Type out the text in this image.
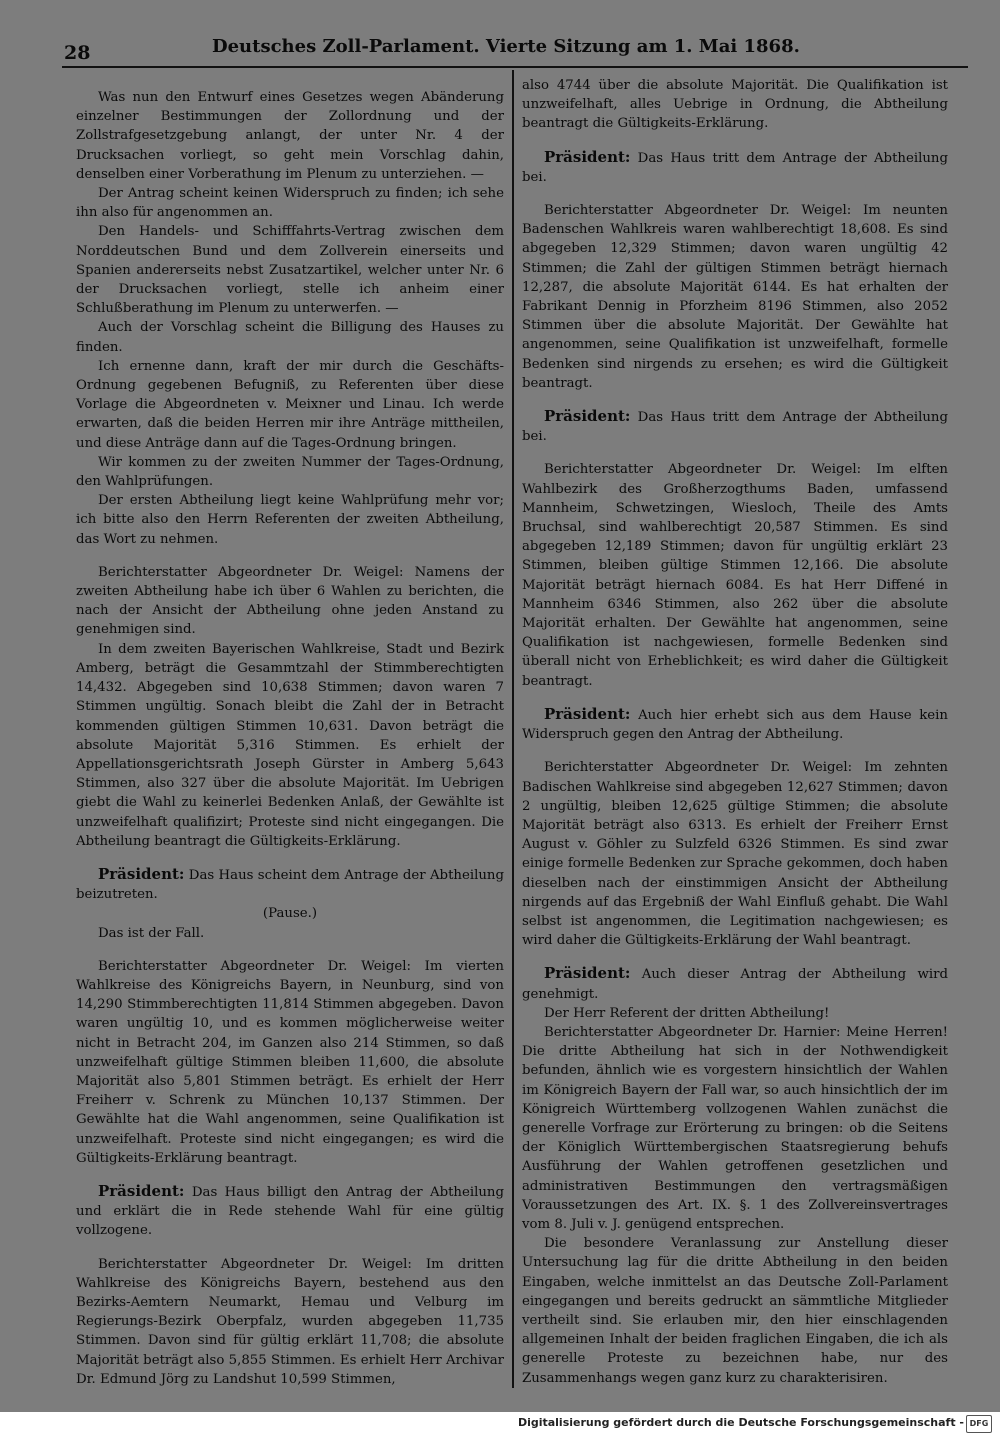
28	Deutsches Zoll-Parlament. Vierte Sitzung am 1. Mai 1868.

Was nun den Entwurf eines Gesetzes wegen Abänderung einzelner Bestimmungen der Zollordnung und der Zollstrafgesetzgebung anlangt, der unter Nr. 4 der Drucksachen vorliegt, so geht mein Vorschlag dahin, denselben einer Vorberathung im Plenum zu unterziehen. —

Der Antrag scheint keinen Widerspruch zu finden; ich sehe ihn also für angenommen an.

Den Handels- und Schifffahrts-Vertrag zwischen dem Norddeutschen Bund und dem Zollverein einerseits und Spanien andererseits nebst Zusatzartikel, welcher unter Nr. 6 der Drucksachen vorliegt, stelle ich anheim einer Schlußberathung im Plenum zu unterwerfen. —

Auch der Vorschlag scheint die Billigung des Hauses zu finden.

Ich ernenne dann, kraft der mir durch die Geschäfts-Ordnung gegebenen Befugniß, zu Referenten über diese Vorlage die Abgeordneten v. Meixner und Linau. Ich werde erwarten, daß die beiden Herren mir ihre Anträge mittheilen, und diese Anträge dann auf die Tages-Ordnung bringen.

Wir kommen zu der zweiten Nummer der Tages-Ordnung, den Wahlprüfungen.

Der ersten Abtheilung liegt keine Wahlprüfung mehr vor; ich bitte also den Herrn Referenten der zweiten Abtheilung, das Wort zu nehmen.

Berichterstatter Abgeordneter Dr. Weigel: Namens der zweiten Abtheilung habe ich über 6 Wahlen zu berichten, die nach der Ansicht der Abtheilung ohne jeden Anstand zu genehmigen sind.

In dem zweiten Bayerischen Wahlkreise, Stadt und Bezirk Amberg, beträgt die Gesammtzahl der Stimmberechtigten 14,432. Abgegeben sind 10,638 Stimmen; davon waren 7 Stimmen ungültig. Sonach bleibt die Zahl der in Betracht kommenden gültigen Stimmen 10,631. Davon beträgt die absolute Majorität 5,316 Stimmen. Es erhielt der Appellationsgerichtsrath Joseph Gürster in Amberg 5,643 Stimmen, also 327 über die absolute Majorität. Im Uebrigen giebt die Wahl zu keinerlei Bedenken Anlaß, der Gewählte ist unzweifelhaft qualifizirt; Proteste sind nicht eingegangen. Die Abtheilung beantragt die Gültigkeits-Erklärung.

Präsident: Das Haus scheint dem Antrage der Abtheilung beizutreten.

(Pause.)

Das ist der Fall.

Berichterstatter Abgeordneter Dr. Weigel: Im vierten Wahlkreise des Königreichs Bayern, in Neunburg, sind von 14,290 Stimmberechtigten 11,814 Stimmen abgegeben. Davon waren ungültig 10, und es kommen möglicherweise weiter nicht in Betracht 204, im Ganzen also 214 Stimmen, so daß unzweifelhaft gültige Stimmen bleiben 11,600, die absolute Majorität also 5,801 Stimmen beträgt. Es erhielt der Herr Freiherr v. Schrenk zu München 10,137 Stimmen. Der Gewählte hat die Wahl angenommen, seine Qualifikation ist unzweifelhaft. Proteste sind nicht eingegangen; es wird die Gültigkeits-Erklärung beantragt.

Präsident: Das Haus billigt den Antrag der Abtheilung und erklärt die in Rede stehende Wahl für eine gültig vollzogene.

Berichterstatter Abgeordneter Dr. Weigel: Im dritten Wahlkreise des Königreichs Bayern, bestehend aus den Bezirks-Aemtern Neumarkt, Hemau und Velburg im Regierungs-Bezirk Oberpfalz, wurden abgegeben 11,735 Stimmen. Davon sind für gültig erklärt 11,708; die absolute Majorität beträgt also 5,855 Stimmen. Es erhielt Herr Archivar Dr. Edmund Jörg zu Landshut 10,599 Stimmen,

also 4744 über die absolute Majorität. Die Qualifikation ist unzweifelhaft, alles Uebrige in Ordnung, die Abtheilung beantragt die Gültigkeits-Erklärung.

Präsident: Das Haus tritt dem Antrage der Abtheilung bei.

Berichterstatter Abgeordneter Dr. Weigel: Im neunten Badenschen Wahlkreis waren wahlberechtigt 18,608. Es sind abgegeben 12,329 Stimmen; davon waren ungültig 42 Stimmen; die Zahl der gültigen Stimmen beträgt hiernach 12,287, die absolute Majorität 6144. Es hat erhalten der Fabrikant Dennig in Pforzheim 8196 Stimmen, also 2052 Stimmen über die absolute Majorität. Der Gewählte hat angenommen, seine Qualifikation ist unzweifelhaft, formelle Bedenken sind nirgends zu ersehen; es wird die Gültigkeit beantragt.

Präsident: Das Haus tritt dem Antrage der Abtheilung bei.

Berichterstatter Abgeordneter Dr. Weigel: Im elften Wahlbezirk des Großherzogthums Baden, umfassend Mannheim, Schwetzingen, Wiesloch, Theile des Amts Bruchsal, sind wahlberechtigt 20,587 Stimmen. Es sind abgegeben 12,189 Stimmen; davon für ungültig erklärt 23 Stimmen, bleiben gültige Stimmen 12,166. Die absolute Majorität beträgt hiernach 6084. Es hat Herr Diffené in Mannheim 6346 Stimmen, also 262 über die absolute Majorität erhalten. Der Gewählte hat angenommen, seine Qualifikation ist nachgewiesen, formelle Bedenken sind überall nicht von Erheblichkeit; es wird daher die Gültigkeit beantragt.

Präsident: Auch hier erhebt sich aus dem Hause kein Widerspruch gegen den Antrag der Abtheilung.

Berichterstatter Abgeordneter Dr. Weigel: Im zehnten Badischen Wahlkreise sind abgegeben 12,627 Stimmen; davon 2 ungültig, bleiben 12,625 gültige Stimmen; die absolute Majorität beträgt also 6313. Es erhielt der Freiherr Ernst August v. Göhler zu Sulzfeld 6326 Stimmen. Es sind zwar einige formelle Bedenken zur Sprache gekommen, doch haben dieselben nach der einstimmigen Ansicht der Abtheilung nirgends auf das Ergebniß der Wahl Einfluß gehabt. Die Wahl selbst ist angenommen, die Legitimation nachgewiesen; es wird daher die Gültigkeits-Erklärung der Wahl beantragt.

Präsident: Auch dieser Antrag der Abtheilung wird genehmigt.

Der Herr Referent der dritten Abtheilung!

Berichterstatter Abgeordneter Dr. Harnier: Meine Herren! Die dritte Abtheilung hat sich in der Nothwendigkeit befunden, ähnlich wie es vorgestern hinsichtlich der Wahlen im Königreich Bayern der Fall war, so auch hinsichtlich der im Königreich Württemberg vollzogenen Wahlen zunächst die generelle Vorfrage zur Erörterung zu bringen: ob die Seitens der Königlich Württembergischen Staatsregierung behufs Ausführung der Wahlen getroffenen gesetzlichen und administrativen Bestimmungen den vertragsmäßigen Voraussetzungen des Art. IX. §. 1 des Zollvereinsvertrages vom 8. Juli v. J. genügend entsprechen.

Die besondere Veranlassung zur Anstellung dieser Untersuchung lag für die dritte Abtheilung in den beiden Eingaben, welche inmittelst an das Deutsche Zoll-Parlament eingegangen und bereits gedruckt an sämmtliche Mitglieder vertheilt sind. Sie erlauben mir, den hier einschlagenden allgemeinen Inhalt der beiden fraglichen Eingaben, die ich als generelle Proteste zu bezeichnen habe, nur des Zusammenhangs wegen ganz kurz zu charakterisiren.

Digitalisierung gefördert durch die Deutsche Forschungsgemeinschaft - DFG
